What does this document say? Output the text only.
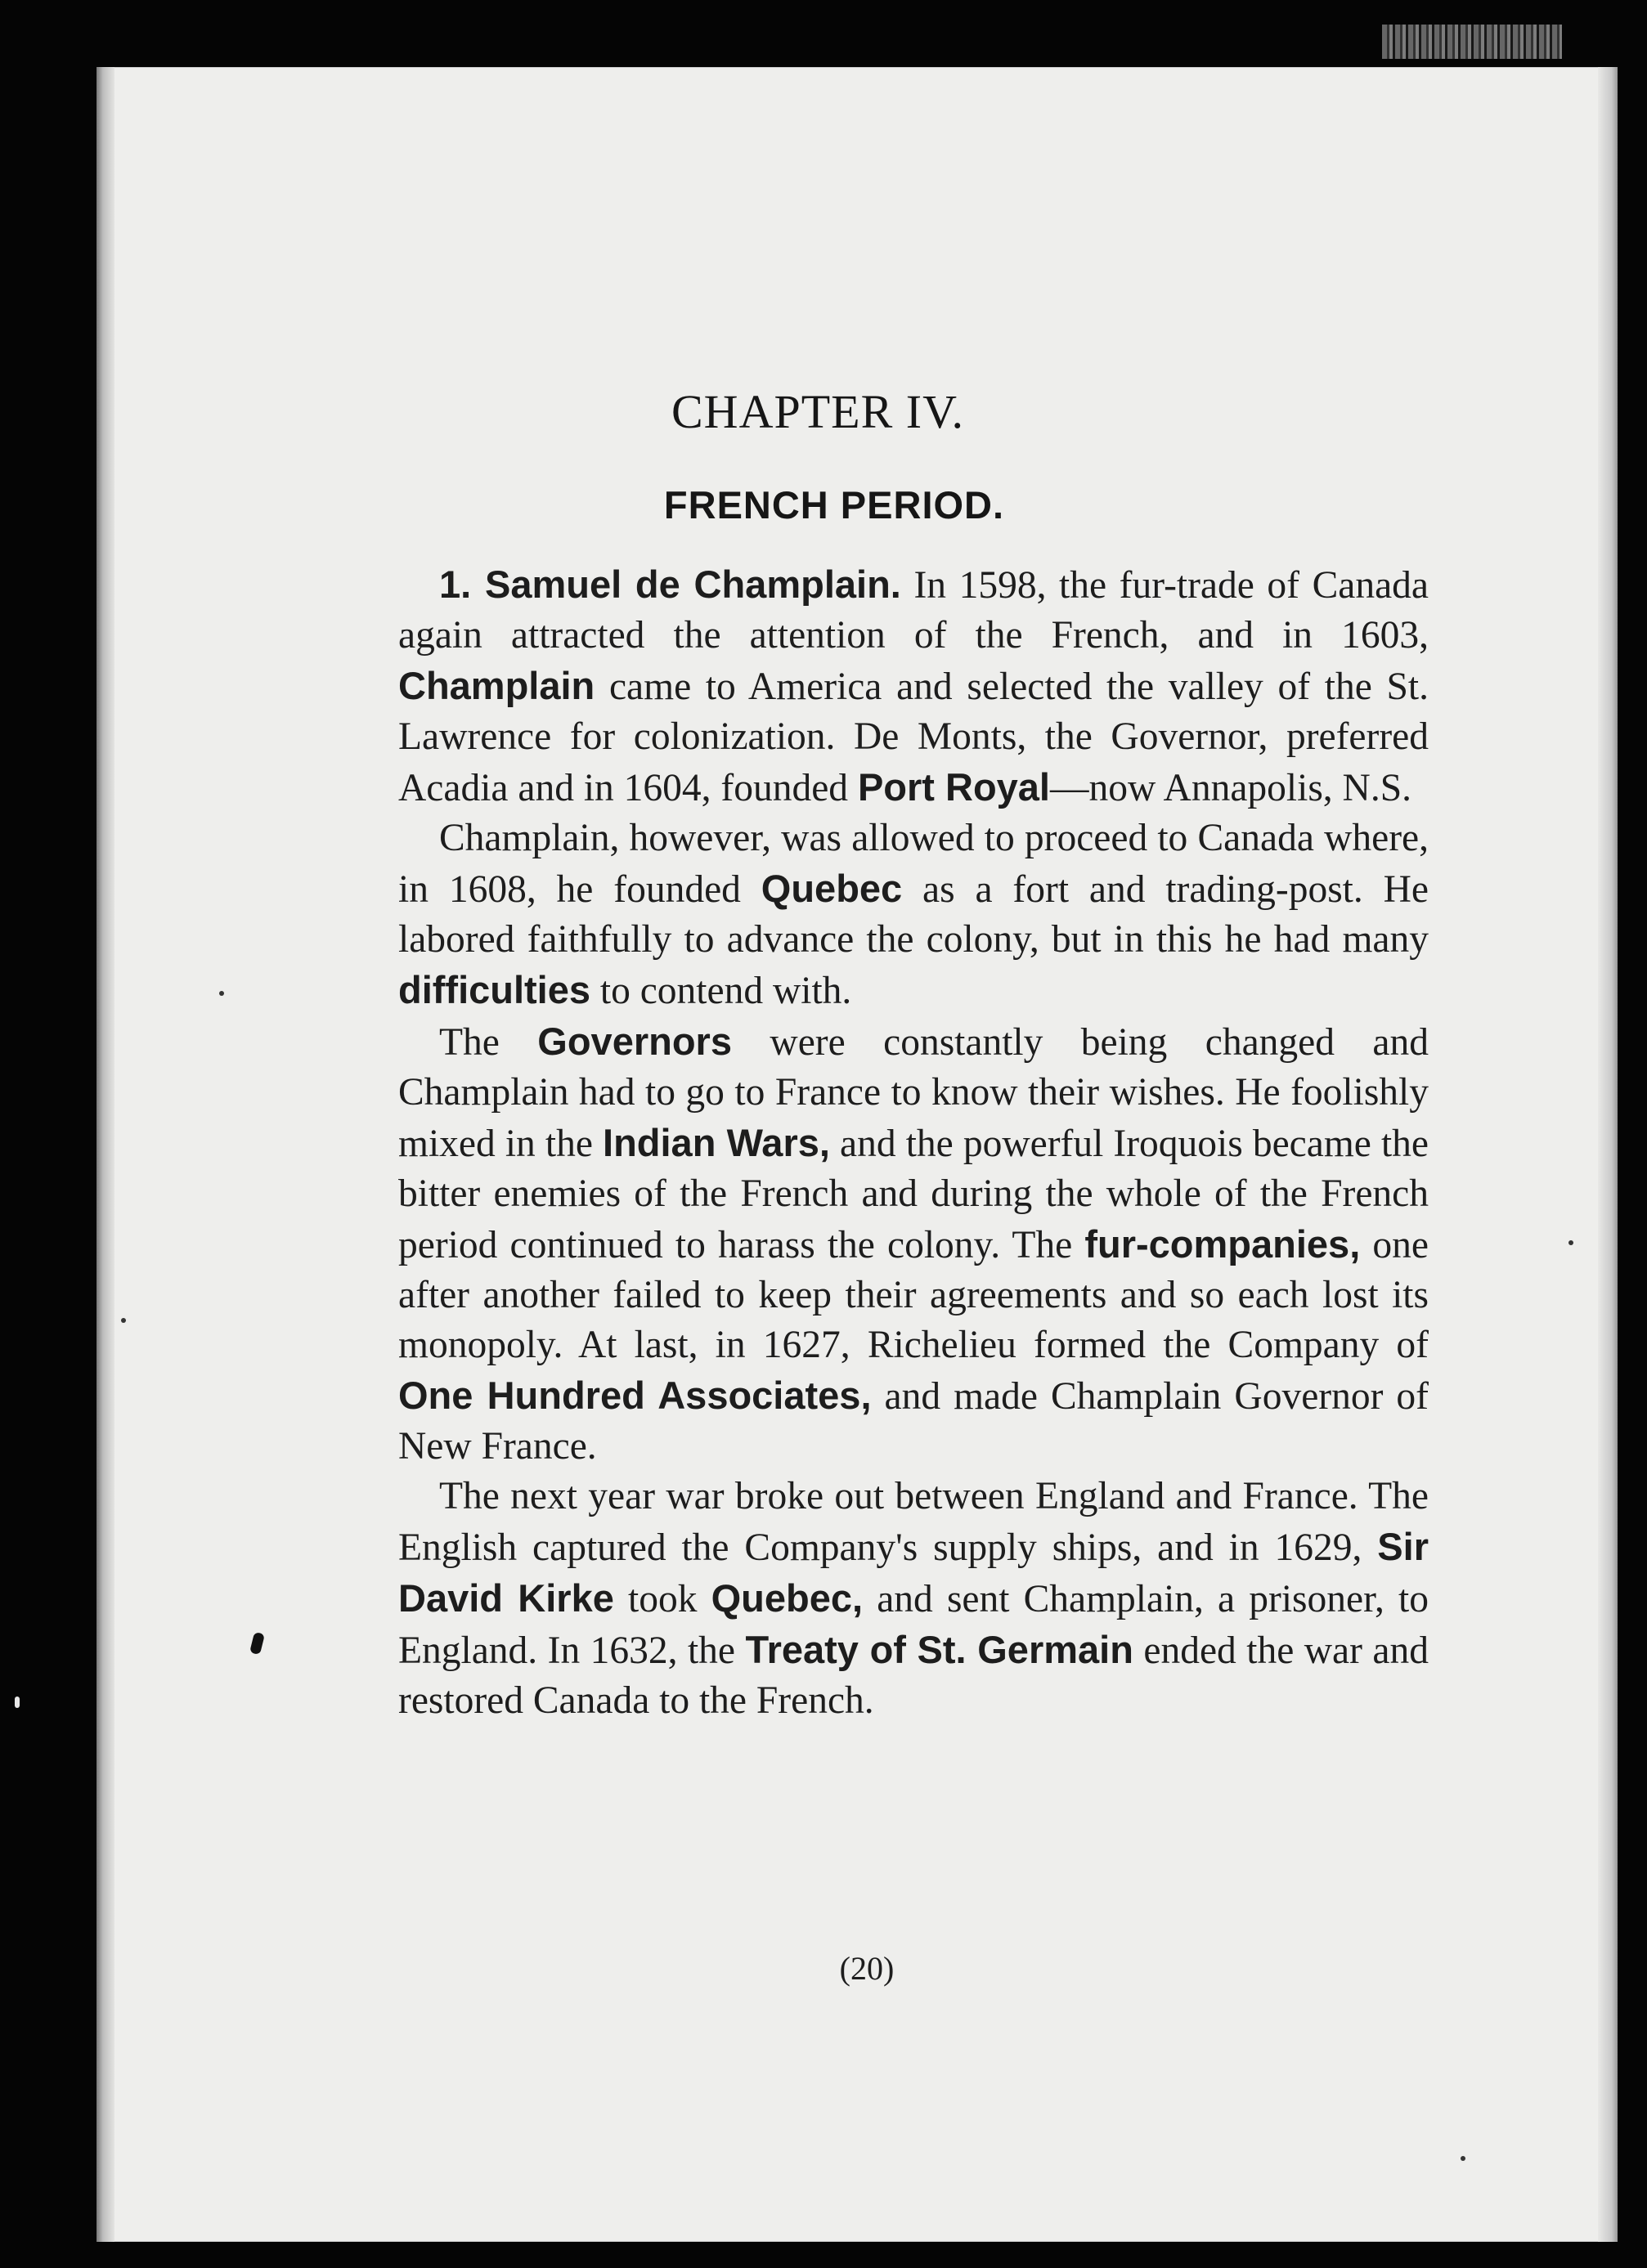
CHAPTER IV.
FRENCH PERIOD.

1. Samuel de Champlain. In 1598, the fur-trade of Canada again attracted the attention of the French, and in 1603, Champlain came to America and selected the valley of the St. Lawrence for colonization. De Monts, the Governor, preferred Acadia and in 1604, founded Port Royal—now Annapolis, N.S.

Champlain, however, was allowed to proceed to Canada where, in 1608, he founded Quebec as a fort and trading-post. He labored faithfully to advance the colony, but in this he had many difficulties to contend with.

The Governors were constantly being changed and Champlain had to go to France to know their wishes. He foolishly mixed in the Indian Wars, and the powerful Iroquois became the bitter enemies of the French and during the whole of the French period continued to harass the colony. The fur-companies, one after another failed to keep their agreements and so each lost its monopoly. At last, in 1627, Richelieu formed the Company of One Hundred Associates, and made Champlain Governor of New France.

The next year war broke out between England and France. The English captured the Company's supply ships, and in 1629, Sir David Kirke took Quebec, and sent Champlain, a prisoner, to England. In 1632, the Treaty of St. Germain ended the war and restored Canada to the French.

(20)
